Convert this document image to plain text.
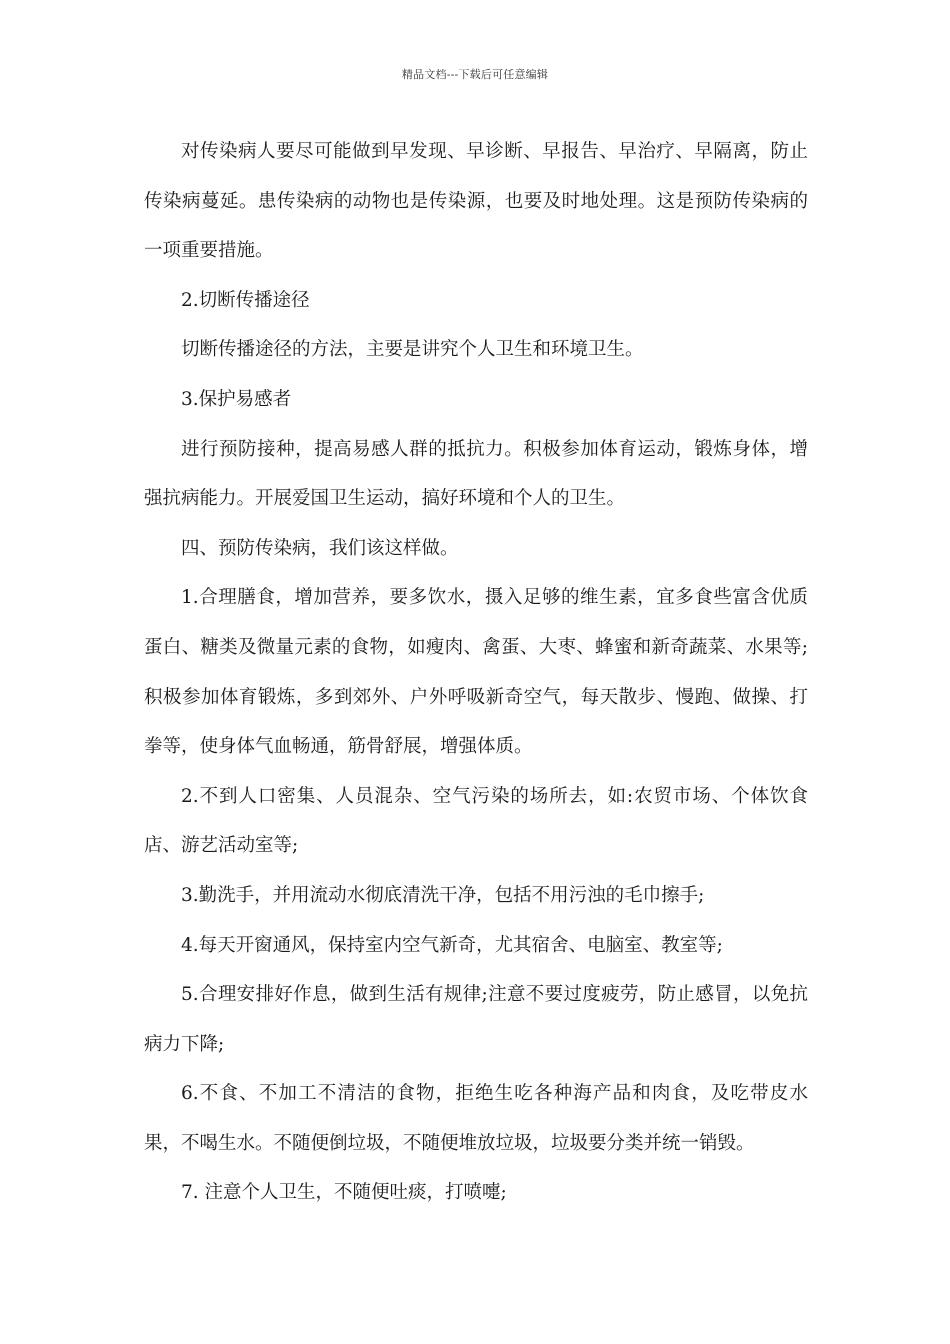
精品文档---下载后可任意编辑

对传染病人要尽可能做到早发现、早诊断、早报告、早治疗、早隔离，防止传染病蔓延。患传染病的动物也是传染源，也要及时地处理。这是预防传染病的一项重要措施。

2.切断传播途径

切断传播途径的方法，主要是讲究个人卫生和环境卫生。

3.保护易感者

进行预防接种，提高易感人群的抵抗力。积极参加体育运动，锻炼身体，增强抗病能力。开展爱国卫生运动，搞好环境和个人的卫生。

四、预防传染病，我们该这样做。

1.合理膳食，增加营养，要多饮水，摄入足够的维生素，宜多食些富含优质蛋白、糖类及微量元素的食物，如瘦肉、禽蛋、大枣、蜂蜜和新奇蔬菜、水果等;积极参加体育锻炼，多到郊外、户外呼吸新奇空气，每天散步、慢跑、做操、打拳等，使身体气血畅通，筋骨舒展，增强体质。

2.不到人口密集、人员混杂、空气污染的场所去，如:农贸市场、个体饮食店、游艺活动室等;

3.勤洗手，并用流动水彻底清洗干净，包括不用污浊的毛巾擦手;

4.每天开窗通风，保持室内空气新奇，尤其宿舍、电脑室、教室等;

5.合理安排好作息，做到生活有规律;注意不要过度疲劳，防止感冒，以免抗病力下降;

6.不食、不加工不清洁的食物，拒绝生吃各种海产品和肉食，及吃带皮水果，不喝生水。不随便倒垃圾，不随便堆放垃圾，垃圾要分类并统一销毁。

7. 注意个人卫生，不随便吐痰，打喷嚏;
